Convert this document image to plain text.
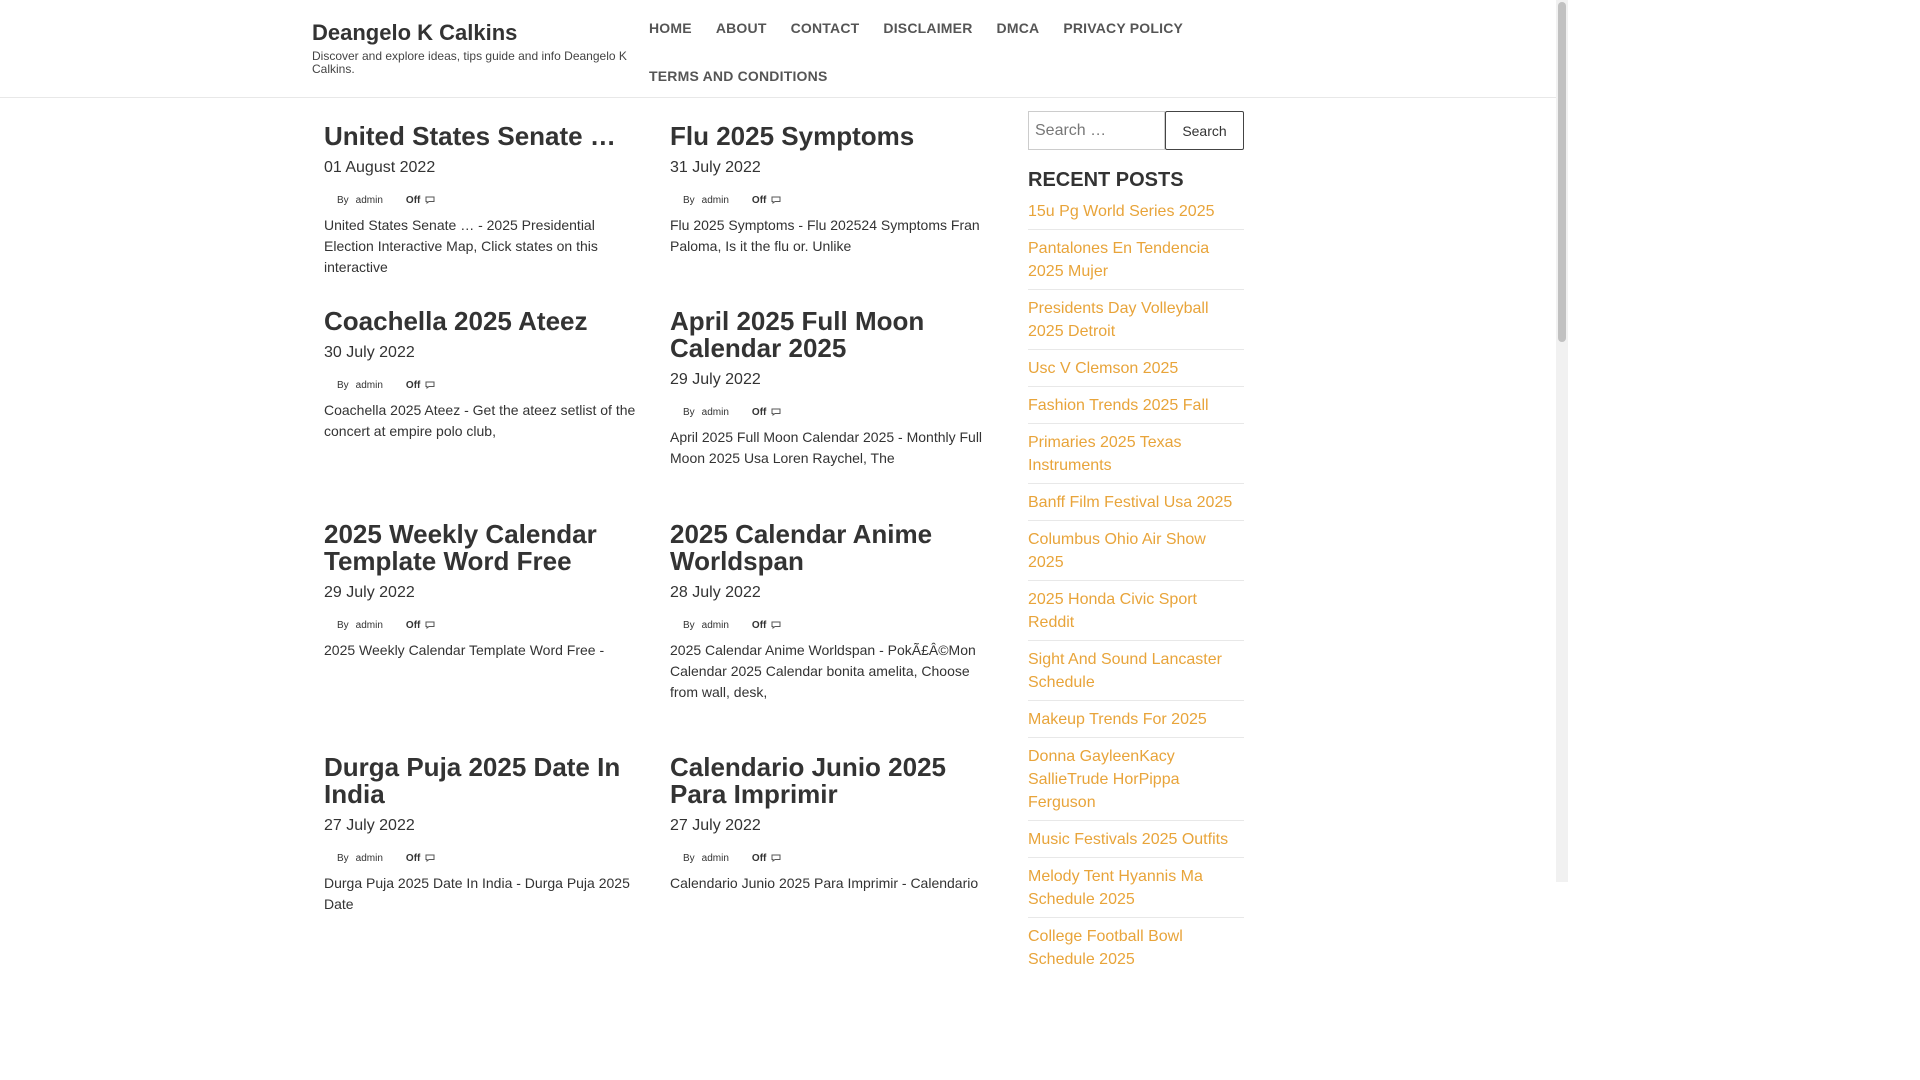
Deangelo K Calkins

Discover and explore ideas, tips guide and info Deangelo K Calkins.

HOME	ABOUT	CONTACT	DISCLAIMER	DMCA	PRIVACY POLICY
TERMS AND CONDITIONS
United States Senate …
01 August 2022
By admin Off

United States Senate … - 2025 Presidential Election Interactive Map, Click states on this interactive

Flu 2025 Symptoms
31 July 2022
By admin Off

Flu 2025 Symptoms - Flu 202524 Symptoms Fran Paloma, Is it the flu or. Unlike

Coachella 2025 Ateez
30 July 2022
By admin Off

Coachella 2025 Ateez - Get the ateez setlist of the concert at empire polo club,

April 2025 Full Moon Calendar 2025
29 July 2022
By admin Off

April 2025 Full Moon Calendar 2025 - Monthly Full Moon 2025 Usa Loren Raychel, The

2025 Weekly Calendar Template Word Free
29 July 2022
By admin Off

2025 Weekly Calendar Template Word Free -

2025 Calendar Anime Worldspan
28 July 2022
By admin Off

2025 Calendar Anime Worldspan - PokÃ£Â©Mon Calendar 2025 Calendar bonita amelita, Choose from wall, desk,

Durga Puja 2025 Date In India
27 July 2022
By admin Off

Durga Puja 2025 Date In India - Durga Puja 2025 Date

Calendario Junio 2025 Para Imprimir
27 July 2022
By admin Off

Calendario Junio 2025 Para Imprimir - Calendario

Search …
Search
RECENT POSTS
15u Pg World Series 2025
Pantalones En Tendencia 2025 Mujer
Presidents Day Volleyball 2025 Detroit
Usc V Clemson 2025
Fashion Trends 2025 Fall
Primaries 2025 Texas Instruments
Banff Film Festival Usa 2025
Columbus Ohio Air Show 2025
2025 Honda Civic Sport Reddit
Sight And Sound Lancaster Schedule
Makeup Trends For 2025
Donna GayleenKacy SallieTrude HorPippa Ferguson
Music Festivals 2025 Outfits
Melody Tent Hyannis Ma Schedule 2025
College Football Bowl Schedule 2025
